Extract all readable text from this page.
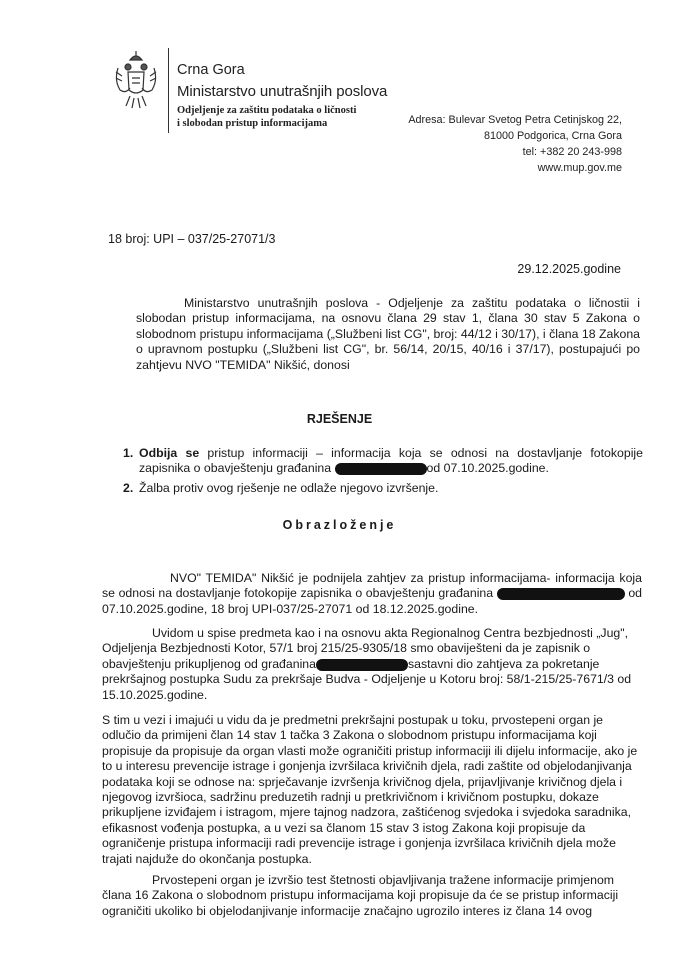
Crna Gora
Ministarstvo unutrašnjih poslova
Odjeljenje za zaštitu podataka o ličnosti
i slobodan pristup informacijama	Adresa: Bulevar Svetog Petra Cetinjskog 22,
81000 Podgorica, Crna Gora
tel: +382 20 243-998
www.mup.gov.me
18 broj: UPI – 037/25-27071/3
29.12.2025.godine
Ministarstvo unutrašnjih poslova - Odjeljenje za zaštitu podataka o ličnostii i slobodan pristup informacijama, na osnovu člana 29 stav 1, člana 30 stav 5 Zakona o slobodnom pristupu informacijama („Službeni list CG", broj: 44/12 i 30/17), i člana 18 Zakona o upravnom postupku („Službeni list CG", br. 56/14, 20/15, 40/16 i 37/17), postupajući po zahtjevu NVO "TEMIDA" Nikšić, donosi
RJEŠENJE
1. Odbija se pristup informaciji – informacija koja se odnosi na dostavljanje fotokopije zapisnika o obavještenju građanina	od 07.10.2025.godine.
2. Žalba protiv ovog rješenje ne odlaže njegovo izvršenje.
Obrazloženje
NVO" TEMIDA" Nikšić je podnijela zahtjev za pristup informacijama- informacija koja se odnosi na dostavljanje fotokopije zapisnika o obavještenju građanina	od 07.10.2025.godine, 18 broj UPI-037/25-27071 od 18.12.2025.godine.
Uvidom u spise predmeta kao i na osnovu akta Regionalnog Centra bezbjednosti „Jug", Odjeljenja Bezbjednosti Kotor, 57/1 broj 215/25-9305/18 smo obaviješteni da je zapisnik o obavještenju prikupljenog od građanina	sastavni dio zahtjeva za pokretanje prekršajnog postupka Sudu za prekršaje Budva - Odjeljenje u Kotoru broj: 58/1-215/25-7671/3 od 15.10.2025.godine.
S tim u vezi i imajući u vidu da je predmetni prekršajni postupak u toku, prvostepeni organ je odlučio da primijeni član 14 stav 1 tačka 3 Zakona o slobodnom pristupu informacijama koji propisuje da propisuje da organ vlasti može ograničiti pristup informaciji ili dijelu informacije, ako je to u interesu prevencije istrage i gonjenja izvršilaca krivičnih djela, radi zaštite od objelodanjivanja podataka koji se odnose na: sprječavanje izvršenja krivičnog djela, prijavljivanje krivičnog djela i njegovog izvršioca, sadržinu preduzetih radnji u pretkrivičnom i krivičnom postupku, dokaze prikupljene izviđajem i istragom, mjere tajnog nadzora, zaštićenog svjedoka i svjedoka saradnika, efikasnost vođenja postupka, a u vezi sa članom 15 stav 3 istog Zakona koji propisuje da ograničenje pristupa informaciji radi prevencije istrage i gonjenja izvršilaca krivičnih djela može trajati najduže do okončanja postupka.
Prvostepeni organ je izvršio test štetnosti objavljivanja tražene informacije primjenom člana 16 Zakona o slobodnom pristupu informacijama koji propisuje da će se pristup informaciji ograničiti ukoliko bi objelodanjivanje informacije značajno ugrozilo interes iz člana 14 ovog
